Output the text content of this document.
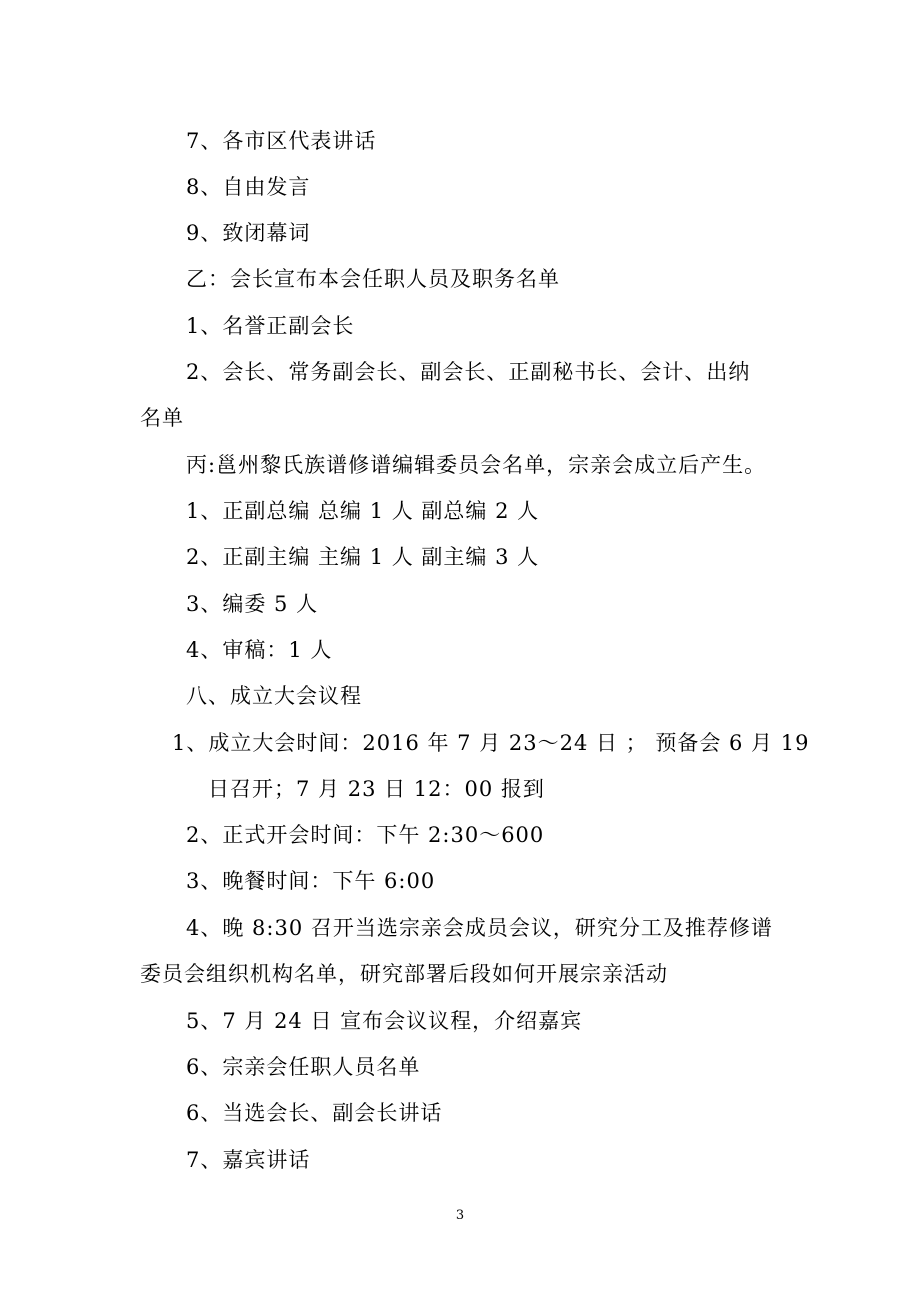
7、各市区代表讲话
8、自由发言
9、致闭幕词
乙：会长宣布本会任职人员及职务名单
1、名誉正副会长
2、会长、常务副会长、副会长、正副秘书长、会计、出纳
名单
丙:邕州黎氏族谱修谱编辑委员会名单，宗亲会成立后产生。
1、正副总编 总编 1 人 副总编 2 人
2、正副主编 主编 1 人 副主编 3 人
3、编委 5 人
4、审稿：1 人
八、成立大会议程
1、成立大会时间：2016 年 7 月 23～24 日 ； 预备会 6 月 19
日召开；7 月 23 日 12：00 报到
2、正式开会时间：下午 2:30～600
3、晚餐时间：下午 6:00
4、晚 8:30 召开当选宗亲会成员会议，研究分工及推荐修谱
委员会组织机构名单，研究部署后段如何开展宗亲活动
5、7 月 24 日 宣布会议议程，介绍嘉宾
6、宗亲会任职人员名单
6、当选会长、副会长讲话
7、嘉宾讲话
3
